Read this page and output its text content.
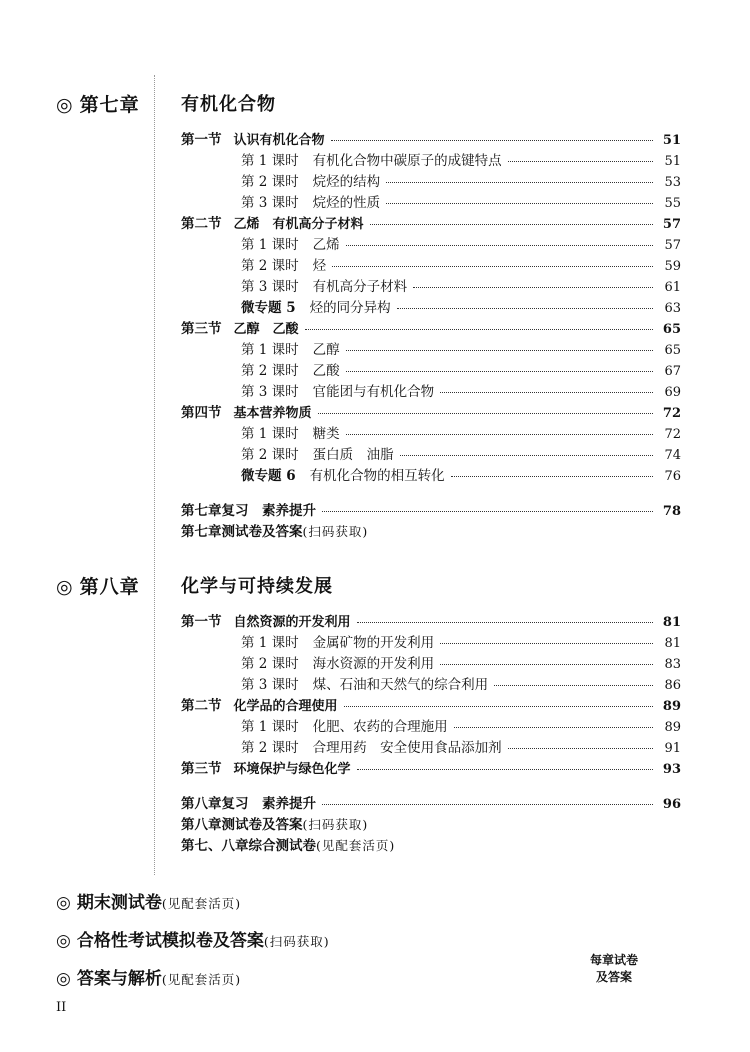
◎ 第七章 有机化合物
第一节 认识有机化合物	51
第 1 课时 有机化合物中碳原子的成键特点	51
第 2 课时 烷烃的结构	53
第 3 课时 烷烃的性质	55
第二节 乙烯　有机高分子材料	57
第 1 课时 乙烯	57
第 2 课时 烃	59
第 3 课时 有机高分子材料	61
微专题 5 烃的同分异构	63
第三节 乙醇　乙酸	65
第 1 课时 乙醇	65
第 2 课时 乙酸	67
第 3 课时 官能团与有机化合物	69
第四节 基本营养物质	72
第 1 课时 糖类	72
第 2 课时 蛋白质　油脂	74
微专题 6 有机化合物的相互转化	76
第七章复习　素养提升	78
第七章测试卷及答案 (扫码获取)
◎ 第八章 化学与可持续发展
第一节 自然资源的开发利用	81
第 1 课时 金属矿物的开发利用	81
第 2 课时 海水资源的开发利用	83
第 3 课时 煤、石油和天然气的综合利用	86
第二节 化学品的合理使用	89
第 1 课时 化肥、农药的合理施用	89
第 2 课时 合理用药　安全使用食品添加剂	91
第三节 环境保护与绿色化学	93
第八章复习　素养提升	96
第八章测试卷及答案 (扫码获取)
第七、八章综合测试卷 (见配套活页)
◎ 期末测试卷(见配套活页)
◎ 合格性考试模拟卷及答案(扫码获取)
◎ 答案与解析(见配套活页)
每章试卷
及答案
II
